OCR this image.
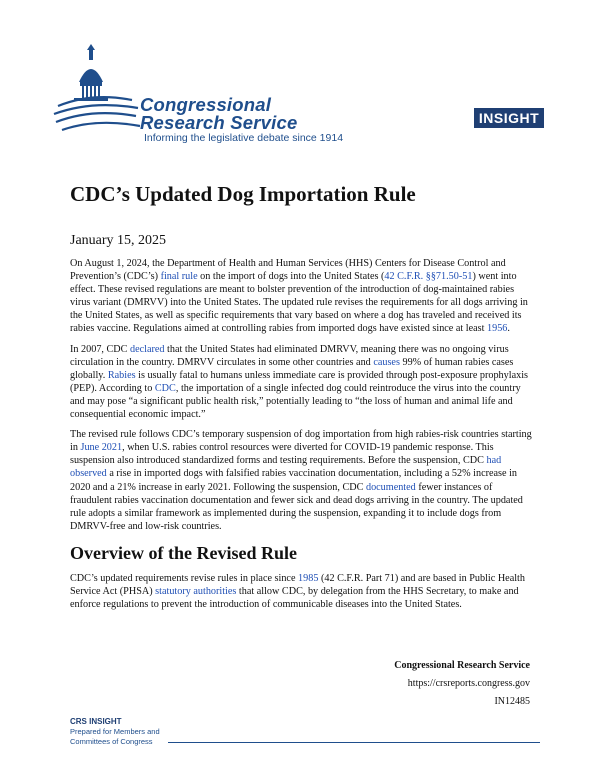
Congressional
Research Service
Informing the legislative debate since 1914
INSIGHT
CDC’s Updated Dog Importation Rule
January 15, 2025

On August 1, 2024, the Department of Health and Human Services (HHS) Centers for Disease Control and Prevention’s (CDC’s) final rule on the import of dogs into the United States (42 C.F.R. §§71.50-51) went into effect. These revised regulations are meant to bolster prevention of the introduction of dog-maintained rabies virus variant (DMRVV) into the United States. The updated rule revises the requirements for all dogs arriving in the United States, as well as specific requirements that vary based on where a dog has traveled and received its rabies vaccine. Regulations aimed at controlling rabies from imported dogs have existed since at least 1956.

In 2007, CDC declared that the United States had eliminated DMRVV, meaning there was no ongoing virus circulation in the country. DMRVV circulates in some other countries and causes 99% of human rabies cases globally. Rabies is usually fatal to humans unless immediate care is provided through post-exposure prophylaxis (PEP). According to CDC, the importation of a single infected dog could reintroduce the virus into the country and may pose “a significant public health risk,” potentially leading to “the loss of human and animal life and consequential economic impact.”

The revised rule follows CDC’s temporary suspension of dog importation from high rabies-risk countries starting in June 2021, when U.S. rabies control resources were diverted for COVID-19 pandemic response. This suspension also introduced standardized forms and testing requirements. Before the suspension, CDC had observed a rise in imported dogs with falsified rabies vaccination documentation, including a 52% increase in 2020 and a 21% increase in early 2021. Following the suspension, CDC documented fewer instances of fraudulent rabies vaccination documentation and fewer sick and dead dogs arriving in the country. The updated rule adopts a similar framework as implemented during the suspension, expanding it to include dogs from DMRVV-free and low-risk countries.

Overview of the Revised Rule

CDC’s updated requirements revise rules in place since 1985 (42 C.F.R. Part 71) and are based in Public Health Service Act (PHSA) statutory authorities that allow CDC, by delegation from the HHS Secretary, to make and enforce regulations to prevent the introduction of communicable diseases into the United States.

Congressional Research Service
https://crsreports.congress.gov
IN12485
CRS INSIGHT
Prepared for Members and
Committees of Congress
